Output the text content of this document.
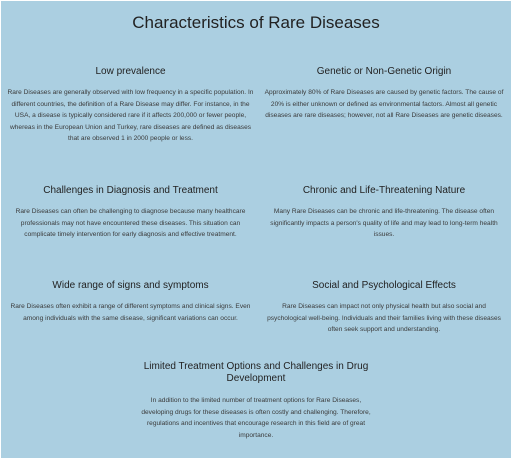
Characteristics of Rare Diseases
Low prevalence

Rare Diseases are generally observed with low frequency in a specific population. In different countries, the definition of a Rare Disease may differ. For instance, in the USA, a disease is typically considered rare if it affects 200,000 or fewer people, whereas in the European Union and Turkey, rare diseases are defined as diseases that are observed 1 in 2000 people or less.

Genetic or Non-Genetic Origin

Approximately 80% of Rare Diseases are caused by genetic factors. The cause of 20% is either unknown or defined as environmental factors. Almost all genetic diseases are rare diseases; however, not all Rare Diseases are genetic diseases.

Challenges in Diagnosis and Treatment

Rare Diseases can often be challenging to diagnose because many healthcare professionals may not have encountered these diseases. This situation can complicate timely intervention for early diagnosis and effective treatment.

Chronic and Life-Threatening Nature

Many Rare Diseases can be chronic and life-threatening. The disease often significantly impacts a person's quality of life and may lead to long-term health issues.

Wide range of signs and symptoms

Rare Diseases often exhibit a range of different symptoms and clinical signs. Even among individuals with the same disease, significant variations can occur.

Social and Psychological Effects

Rare Diseases can impact not only physical health but also social and psychological well-being. Individuals and their families living with these diseases often seek support and understanding.

Limited Treatment Options and Challenges in Drug Development

In addition to the limited number of treatment options for Rare Diseases, developing drugs for these diseases is often costly and challenging. Therefore, regulations and incentives that encourage research in this field are of great importance.
